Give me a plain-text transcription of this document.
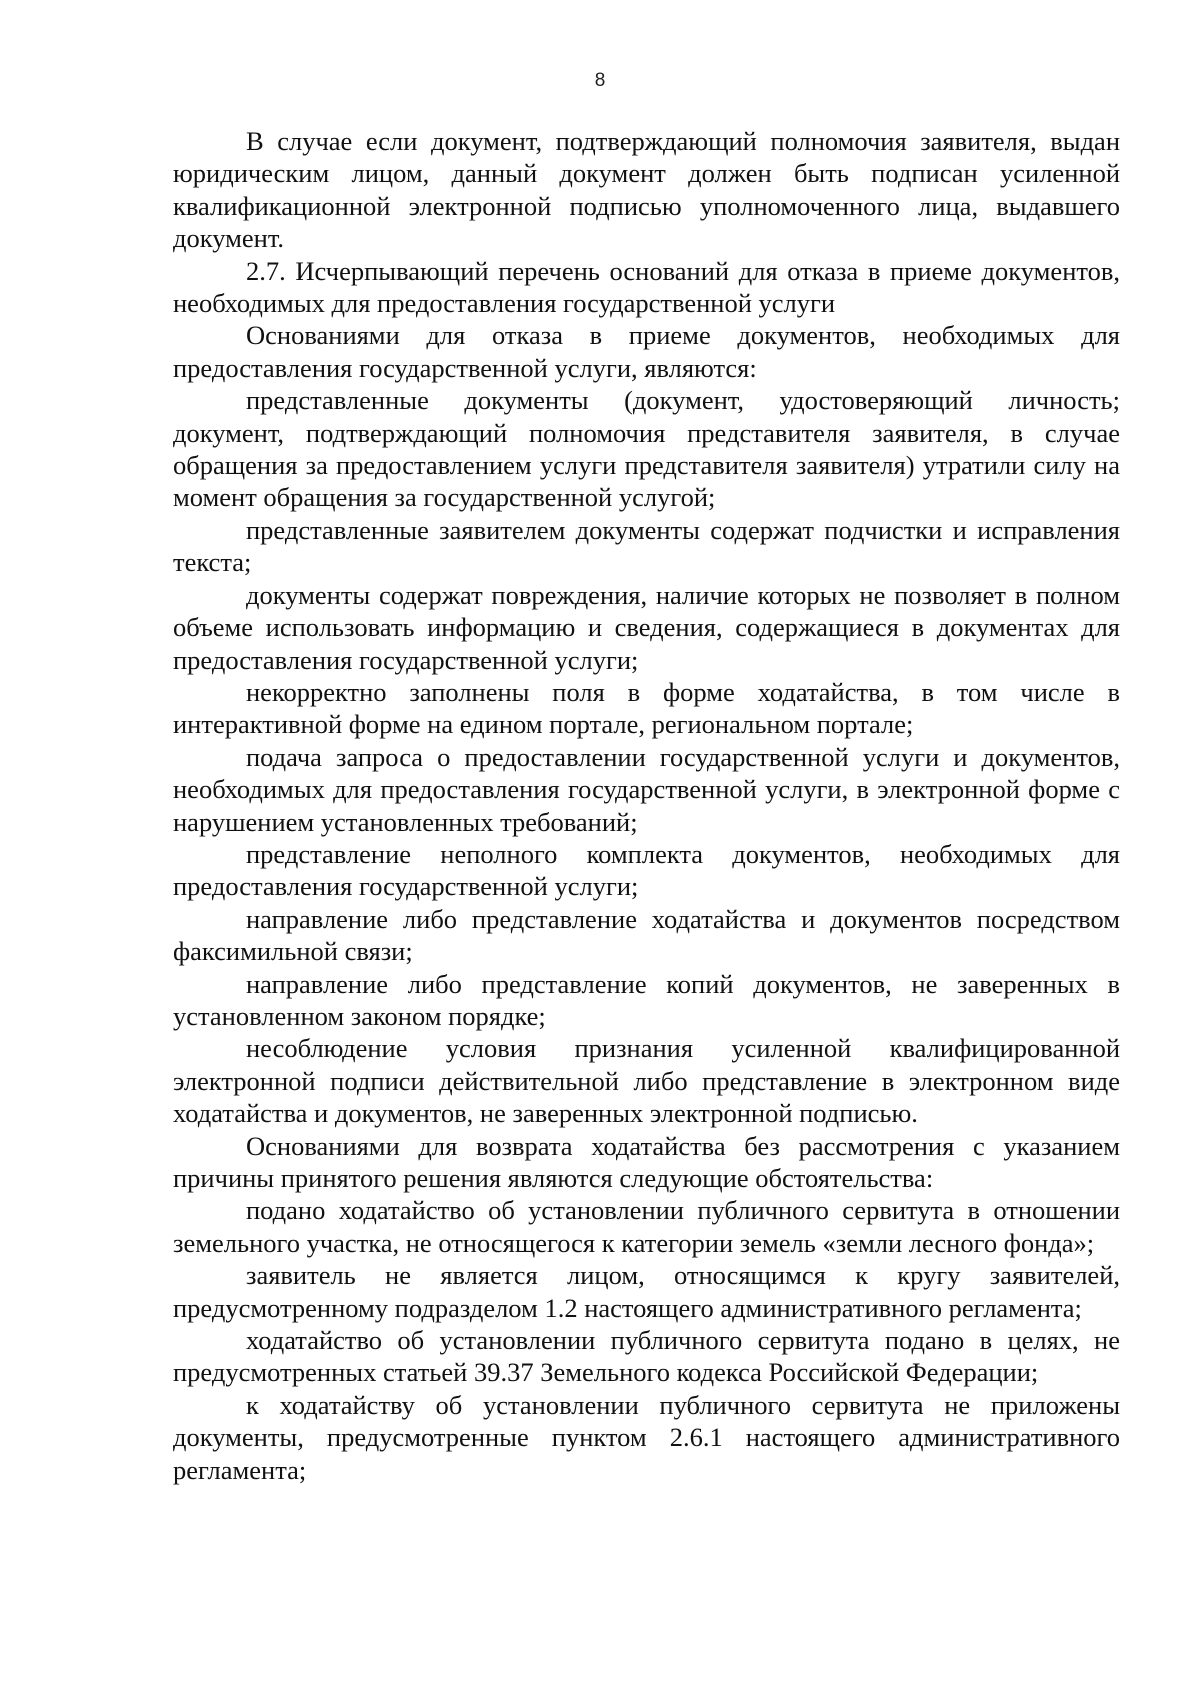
8

В случае если документ, подтверждающий полномочия заявителя, выдан юридическим лицом, данный документ должен быть подписан усиленной квалификационной электронной подписью уполномоченного лица, выдавшего документ.

2.7. Исчерпывающий перечень оснований для отказа в приеме документов, необходимых для предоставления государственной услуги

Основаниями для отказа в приеме документов, необходимых для предоставления государственной услуги, являются:

представленные документы (документ, удостоверяющий личность; документ, подтверждающий полномочия представителя заявителя, в случае обращения за предоставлением услуги представителя заявителя) утратили силу на момент обращения за государственной услугой;

представленные заявителем документы содержат подчистки и исправления текста;

документы содержат повреждения, наличие которых не позволяет в полном объеме использовать информацию и сведения, содержащиеся в документах для предоставления государственной услуги;

некорректно заполнены поля в форме ходатайства, в том числе в интерактивной форме на едином портале, региональном портале;

подача запроса о предоставлении государственной услуги и документов, необходимых для предоставления государственной услуги, в электронной форме с нарушением установленных требований;

представление неполного комплекта документов, необходимых для предоставления государственной услуги;

направление либо представление ходатайства и документов посредством факсимильной связи;

направление либо представление копий документов, не заверенных в установленном законом порядке;

несоблюдение условия признания усиленной квалифицированной электронной подписи действительной либо представление в электронном виде ходатайства и документов, не заверенных электронной подписью.

Основаниями для возврата ходатайства без рассмотрения с указанием причины принятого решения являются следующие обстоятельства:

подано ходатайство об установлении публичного сервитута в отношении земельного участка, не относящегося к категории земель «земли лесного фонда»;

заявитель не является лицом, относящимся к кругу заявителей, предусмотренному подразделом 1.2 настоящего административного регламента;

ходатайство об установлении публичного сервитута подано в целях, не предусмотренных статьей 39.37 Земельного кодекса Российской Федерации;

к ходатайству об установлении публичного сервитута не приложены документы, предусмотренные пунктом 2.6.1 настоящего административного регламента;
